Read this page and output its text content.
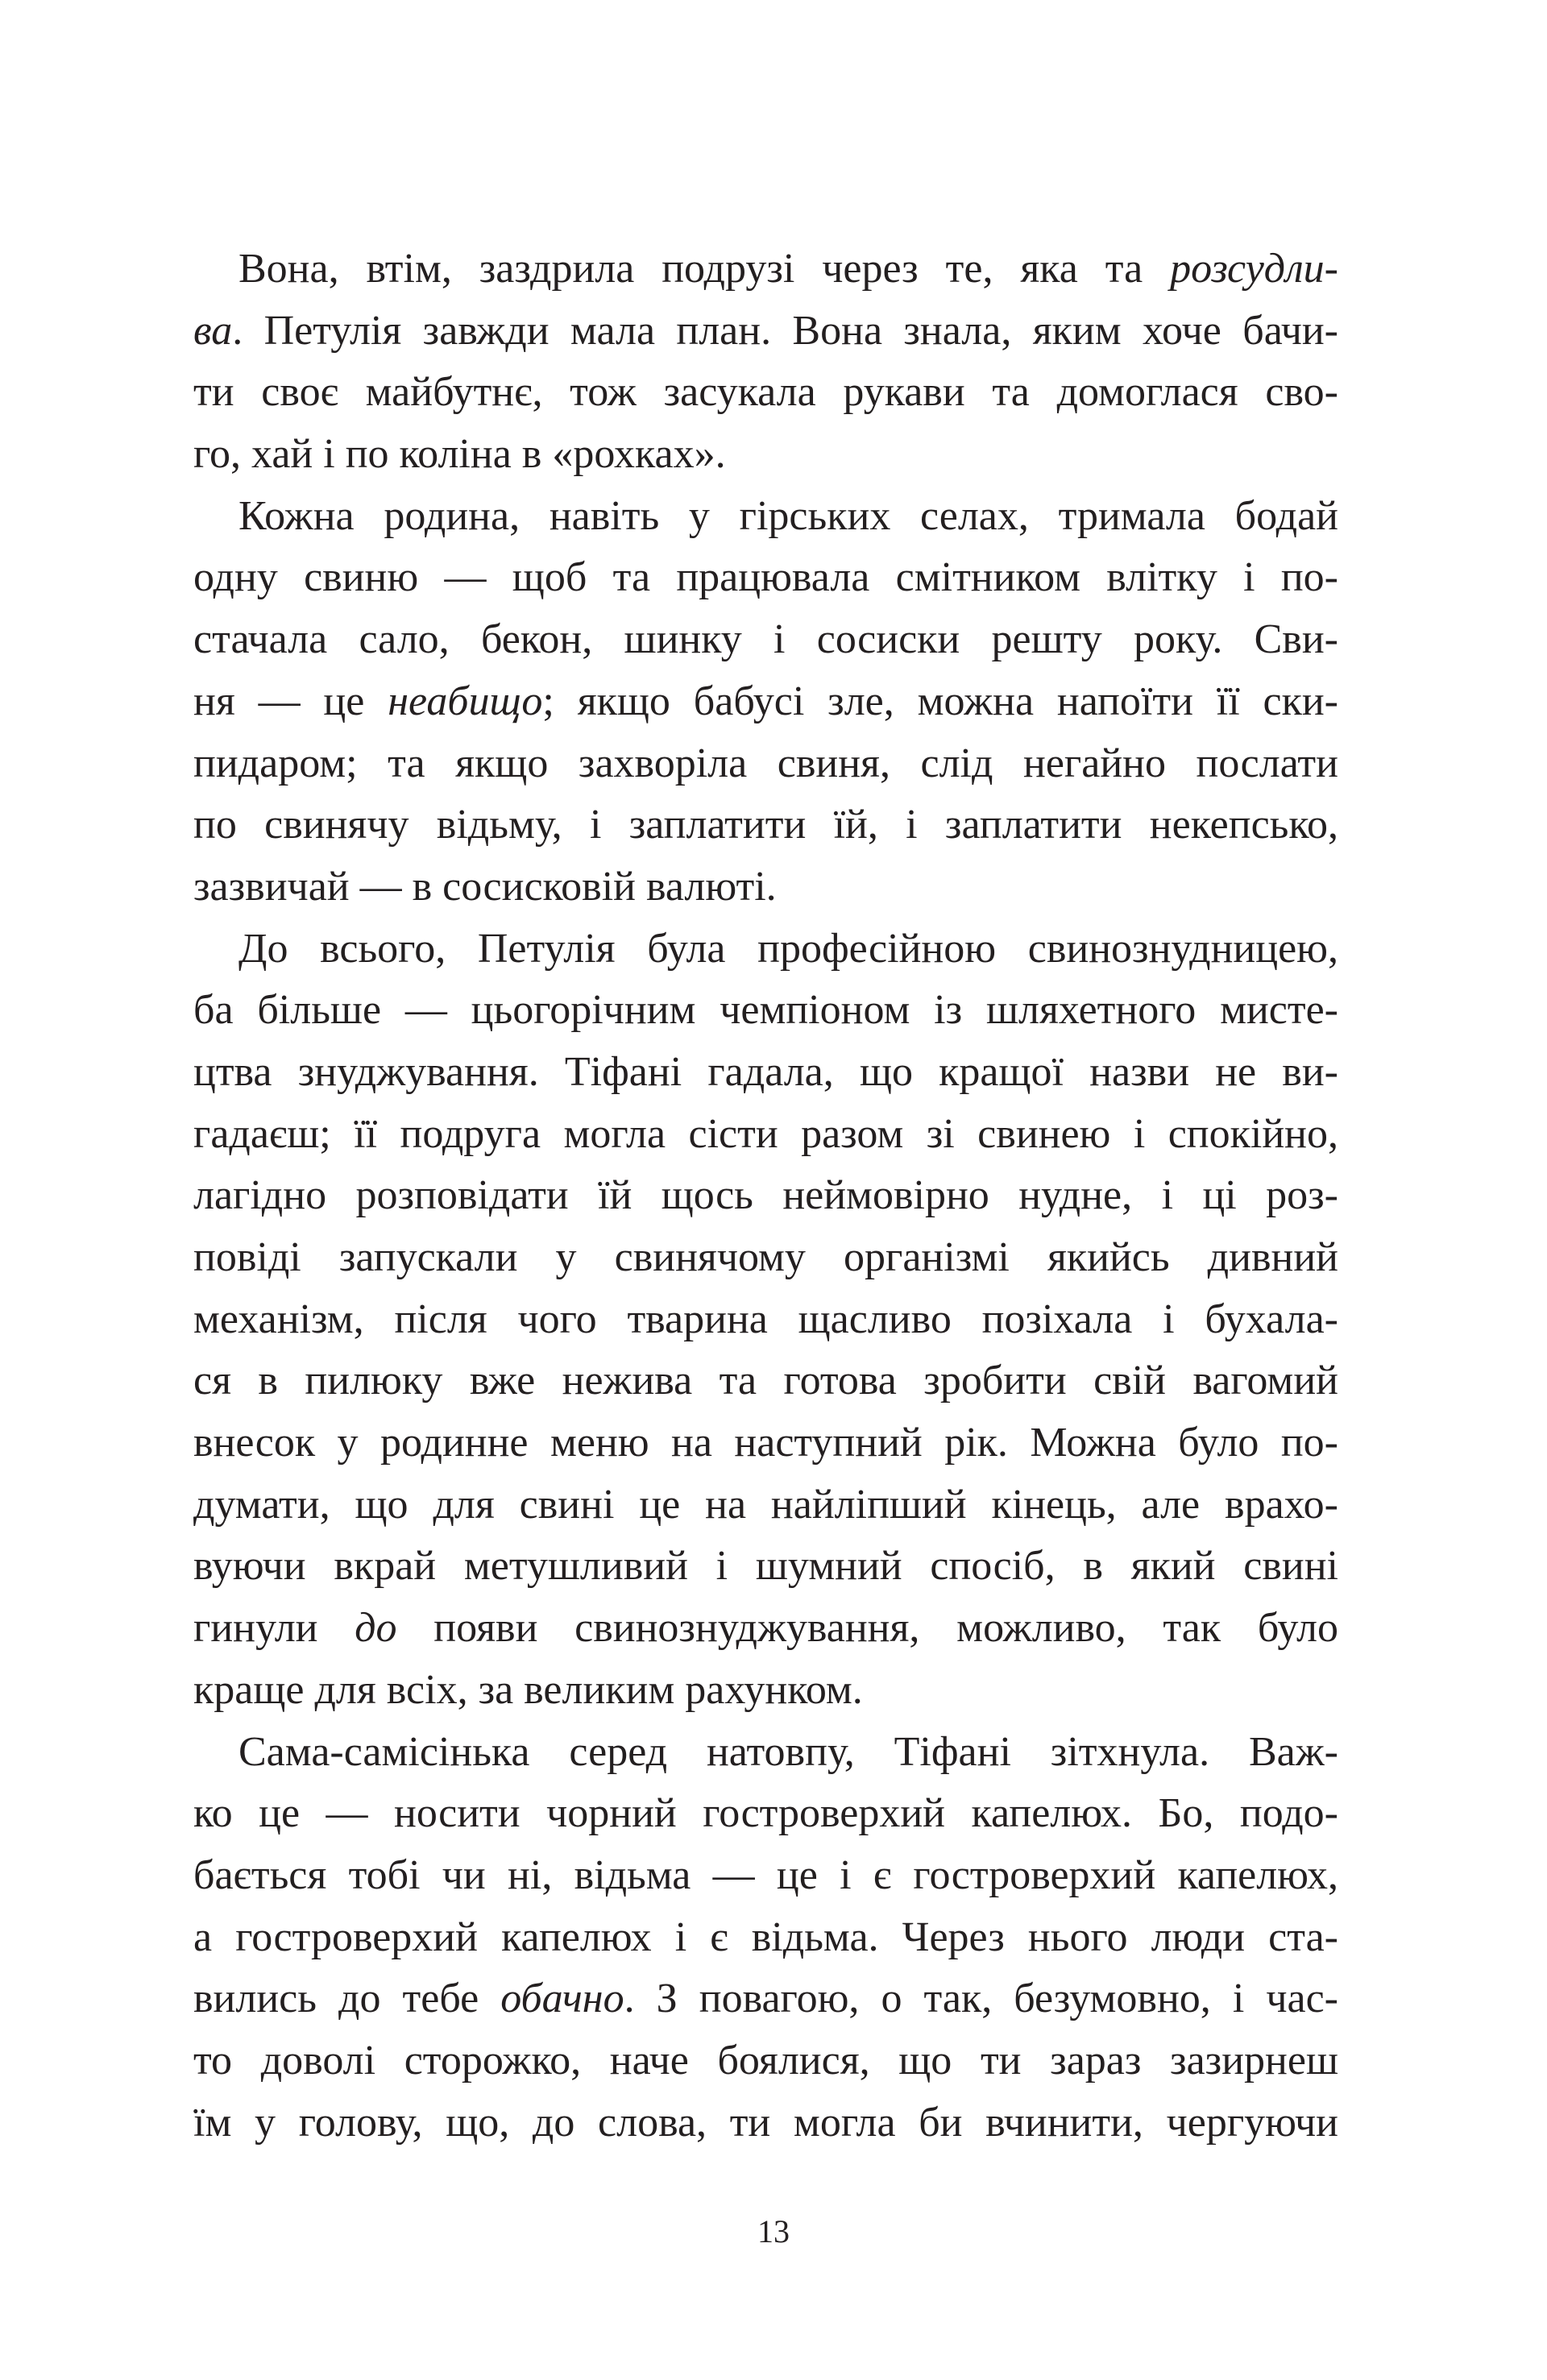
Вона, втім, заздрила подрузі через те, яка та розсудли-
ва. Петулія завжди мала план. Вона знала, яким хоче бачи-
ти своє майбутнє, тож засукала рукави та домоглася сво-
го, хай і по коліна в «рохках».
Кожна родина, навіть у гірських селах, тримала бодай
одну свиню — щоб та працювала смітником влітку і по-
стачала сало, бекон, шинку і сосиски решту року. Сви-
ня — це неабищо; якщо бабусі зле, можна напоїти її ски-
пидаром; та якщо захворіла свиня, слід негайно послати
по свинячу відьму, і заплатити їй, і заплатити некепсько,
зазвичай — в сосисковій валюті.
До всього, Петулія була професійною свинознудницею,
ба більше — цьогорічним чемпіоном із шляхетного мисте-
цтва знуджування. Тіфані гадала, що кращої назви не ви-
гадаєш; її подруга могла сісти разом зі свинею і спокійно,
лагідно розповідати їй щось неймовірно нудне, і ці роз-
повіді запускали у свинячому організмі якийсь дивний
механізм, після чого тварина щасливо позіхала і бухала-
ся в пилюку вже нежива та готова зробити свій вагомий
внесок у родинне меню на наступний рік. Можна було по-
думати, що для свині це на найліпший кінець, але врахо-
вуючи вкрай метушливий і шумний спосіб, в який свині
гинули до появи свинознуджування, можливо, так було
краще для всіх, за великим рахунком.
Сама-самісінька серед натовпу, Тіфані зітхнула. Важ-
ко це — носити чорний гостроверхий капелюх. Бо, подо-
бається тобі чи ні, відьма — це і є гостроверхий капелюх,
а гостроверхий капелюх і є відьма. Через нього люди ста-
вились до тебе обачно. З повагою, о так, безумовно, і час-
то доволі сторожко, наче боялися, що ти зараз зазирнеш
їм у голову, що, до слова, ти могла би вчинити, чергуючи
13
